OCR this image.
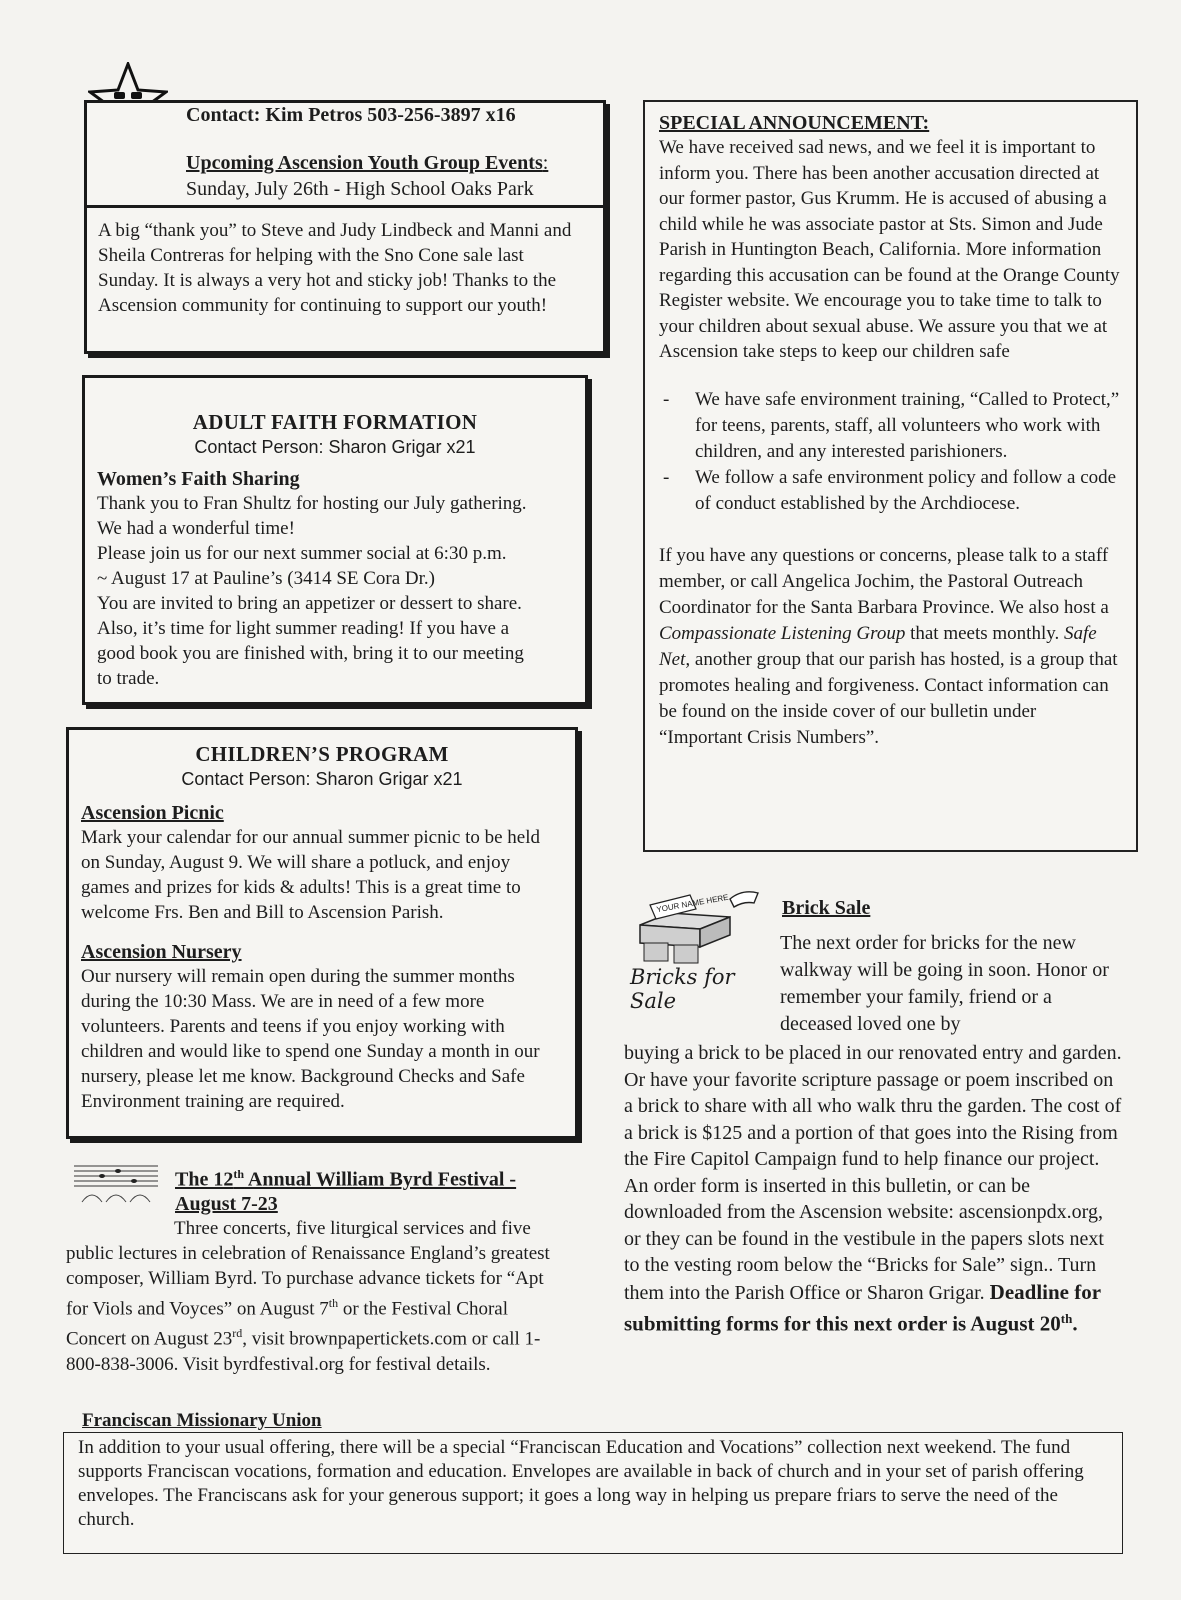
Contact: Kim Petros 503-256-3897 x16
Upcoming Ascension Youth Group Events:
Sunday, July 26th - High School Oaks Park

A big “thank you” to Steve and Judy Lindbeck and Manni and Sheila Contreras for helping with the Sno Cone sale last Sunday. It is always a very hot and sticky job! Thanks to the Ascension community for continuing to support our youth!

ADULT FAITH FORMATION
Contact Person: Sharon Grigar x21
Women’s Faith Sharing
Thank you to Fran Shultz for hosting our July gathering.
We had a wonderful time!
Please join us for our next summer social at 6:30 p.m.
~ August 17 at Pauline’s (3414 SE Cora Dr.)
You are invited to bring an appetizer or dessert to share.
Also, it’s time for light summer reading! If you have a
good book you are finished with, bring it to our meeting
to trade.
CHILDREN’S PROGRAM
Contact Person: Sharon Grigar x21
Ascension Picnic

Mark your calendar for our annual summer picnic to be held on Sunday, August 9. We will share a potluck, and enjoy games and prizes for kids & adults! This is a great time to welcome Frs. Ben and Bill to Ascension Parish.

Ascension Nursery

Our nursery will remain open during the summer months during the 10:30 Mass. We are in need of a few more volunteers. Parents and teens if you enjoy working with children and would like to spend one Sunday a month in our nursery, please let me know. Background Checks and Safe Environment training are required.

SPECIAL ANNOUNCEMENT:

We have received sad news, and we feel it is important to inform you. There has been another accusation directed at our former pastor, Gus Krumm. He is accused of abusing a child while he was associate pastor at Sts. Simon and Jude Parish in Huntington Beach, California. More information regarding this accusation can be found at the Orange County Register website. We encourage you to take time to talk to your children about sexual abuse. We assure you that we at Ascension take steps to keep our children safe

-	We have safe environment training, “Called to Protect,” for teens, parents, staff, all volunteers who work with children, and any interested parishioners.
-	We follow a safe environment policy and follow a code of conduct established by the Archdiocese.

If you have any questions or concerns, please talk to a staff member, or call Angelica Jochim, the Pastoral Outreach Coordinator for the Santa Barbara Province. We also host a Compassionate Listening Group that meets monthly. Safe Net, another group that our parish has hosted, is a group that promotes healing and forgiveness. Contact information can be found on the inside cover of our bulletin under “Important Crisis Numbers”.

YOUR NAME HERE
Bricks for Sale
Brick Sale

The next order for bricks for the new walkway will be going in soon. Honor or remember your family, friend or a deceased loved one by

buying a brick to be placed in our renovated entry and garden. Or have your favorite scripture passage or poem inscribed on a brick to share with all who walk thru the garden. The cost of a brick is $125 and a portion of that goes into the Rising from the Fire Capitol Campaign fund to help finance our project. An order form is inserted in this bulletin, or can be downloaded from the Ascension website: ascensionpdx.org, or they can be found in the vestibule in the papers slots next to the vesting room below the “Bricks for Sale” sign.. Turn them into the Parish Office or Sharon Grigar. Deadline for submitting forms for this next order is August 20th.

The 12th Annual William Byrd Festival - August 7-23

Three concerts, five liturgical services and five public lectures in celebration of Renaissance England’s greatest composer, William Byrd. To purchase advance tickets for “Apt for Viols and Voyces” on August 7th or the Festival Choral Concert on August 23rd, visit brownpapertickets.com or call 1-800-838-3006. Visit byrdfestival.org for festival details.

Franciscan Missionary Union

In addition to your usual offering, there will be a special “Franciscan Education and Vocations” collection next weekend. The fund supports Franciscan vocations, formation and education. Envelopes are available in back of church and in your set of parish offering envelopes. The Franciscans ask for your generous support; it goes a long way in helping us prepare friars to serve the need of the church.
